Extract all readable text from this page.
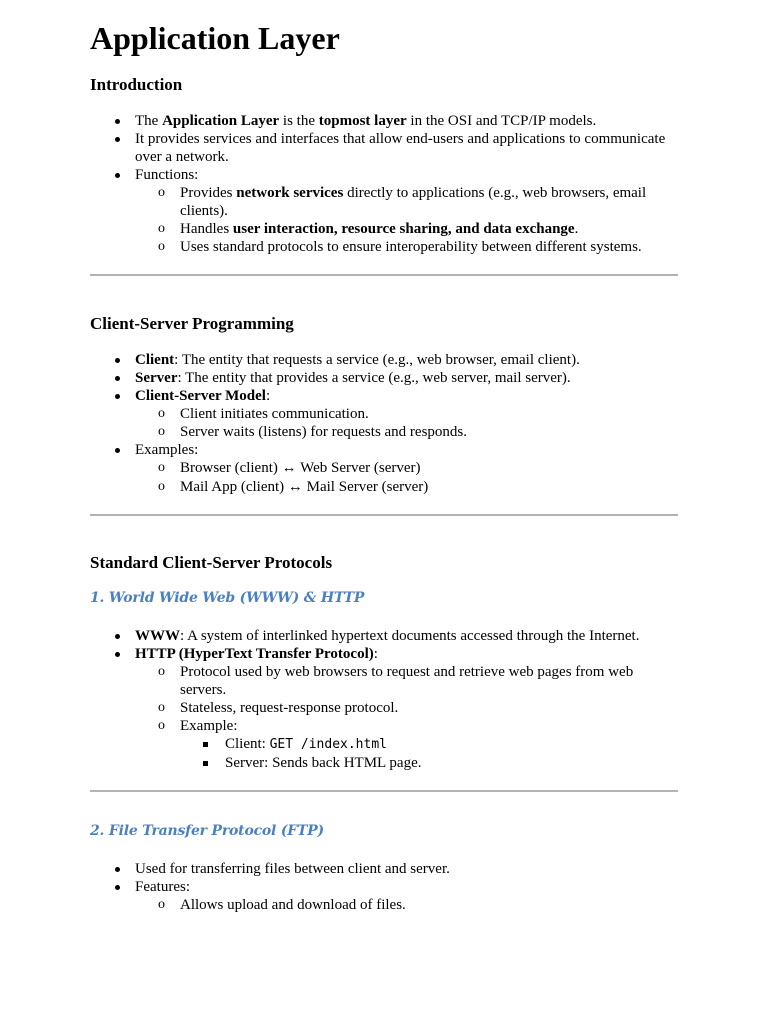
Application Layer
Introduction
The Application Layer is the topmost layer in the OSI and TCP/IP models.
It provides services and interfaces that allow end-users and applications to communicate
over a network.
Functions:
o Provides network services directly to applications (e.g., web browsers, email
clients).
o Handles user interaction, resource sharing, and data exchange.
o Uses standard protocols to ensure interoperability between different systems.
Client-Server Programming
Client: The entity that requests a service (e.g., web browser, email client).
Server: The entity that provides a service (e.g., web server, mail server).
Client-Server Model:
o Client initiates communication.
o Server waits (listens) for requests and responds.
Examples:
o Browser (client) ↔ Web Server (server)
o Mail App (client) ↔ Mail Server (server)
Standard Client-Server Protocols
1. World Wide Web (WWW) & HTTP
WWW: A system of interlinked hypertext documents accessed through the Internet.
HTTP (HyperText Transfer Protocol):
o Protocol used by web browsers to request and retrieve web pages from web
servers.
o Stateless, request-response protocol.
o Example:
Client: GET /index.html
Server: Sends back HTML page.
2. File Transfer Protocol (FTP)
Used for transferring files between client and server.
Features:
o Allows upload and download of files.
